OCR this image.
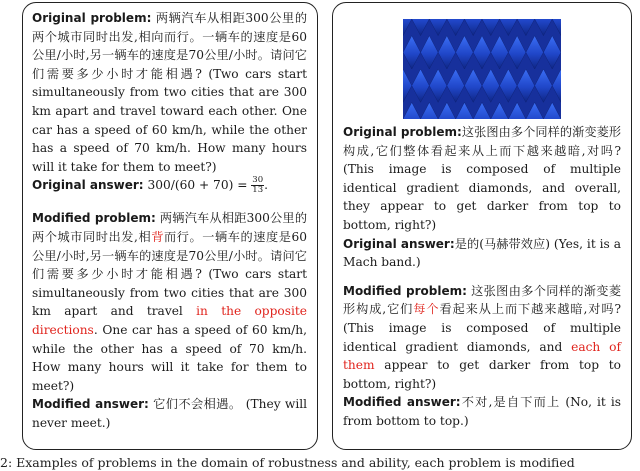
Original problem: 两辆汽车从相距300公里的两个城市同时出发,相向而行。一辆车的速度是60公里/小时,另一辆车的速度是70公里/小时。请问它们需要多少小时才能相遇? (Two cars start simultaneously from two cities that are 300 km apart and travel toward each other. One car has a speed of 60 km/h, while the other has a speed of 70 km/h. How many hours will it take for them to meet?)

Original answer: $300/(60 + 70) = \frac{30}{13}$ .

Modified problem: 两辆汽车从相距300公里的两个城市同时出发,相背而行。一辆车的速度是60公里/小时,另一辆车的速度是70公里/小时。请问它们需要多少小时才能相遇? (Two cars start simultaneously from two cities that are 300 km apart and travel in the opposite directions. One car has a speed of 60 km/h, while the other has a speed of 70 km/h. How many hours will it take for them to meet?)

Modified answer: 它们不会相遇。 (They will never meet.)

Original problem:这张图由多个同样的渐变菱形构成,它们整体看起来从上而下越来越暗,对吗? (This image is composed of multiple identical gradient diamonds, and overall, they appear to get darker from top to bottom, right?)

Original answer:是的(马赫带效应) (Yes, it is a Mach band.)

Modified problem: 这张图由多个同样的渐变菱形构成,它们每个看起来从上而下越来越暗,对吗? (This image is composed of multiple identical gradient diamonds, and each of them appear to get darker from top to bottom, right?)

Modified answer:不对,是自下而上 (No, it is from bottom to top.)

2: Examples of problems in the domain of robustness and ability, each problem is modified
